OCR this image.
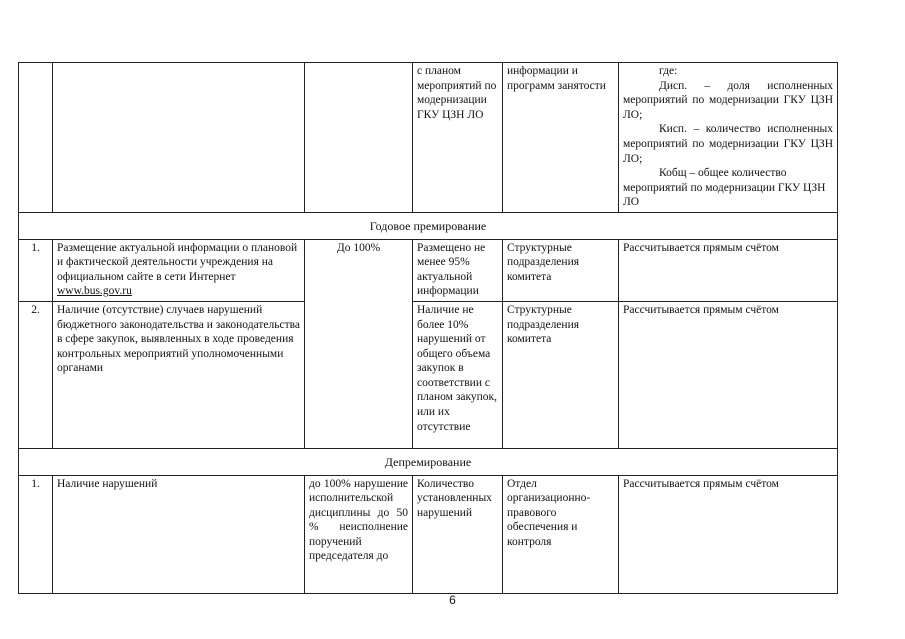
			с планом мероприятий по модернизации ГКУ ЦЗН ЛО	информации и программ занятости	где:
Дисп. – доля исполненных мероприятий по модернизации ГКУ ЦЗН ЛО;
Кисп. – количество исполненных мероприятий по модернизации ГКУ ЦЗН ЛО;
Кобщ – общее количество мероприятий по модернизации ГКУ ЦЗН ЛО

Годовое премирование					
1.	Размещение актуальной информации о плановой и фактической деятельности учреждения на официальном сайте в сети Интернет www.bus.gov.ru	До 100%	Размещено не менее 95% актуальной информации	Структурные подразделения комитета	Рассчитывается прямым счётом
2.	Наличие (отсутствие) случаев нарушений бюджетного законодательства и законодательства в сфере закупок, выявленных в ходе проведения контрольных мероприятий уполномоченными органами		Наличие не более 10% нарушений от общего объема закупок в соответствии с планом закупок, или их отсутствие	Структурные подразделения комитета	Рассчитывается прямым счётом
Депремирование					
1.	Наличие нарушений	до 100% нарушение исполнительской дисциплины до 50 % неисполнение поручений председателя до	Количество установленных нарушений	Отдел организационно-правового обеспечения и контроля	Рассчитывается прямым счётом
6
